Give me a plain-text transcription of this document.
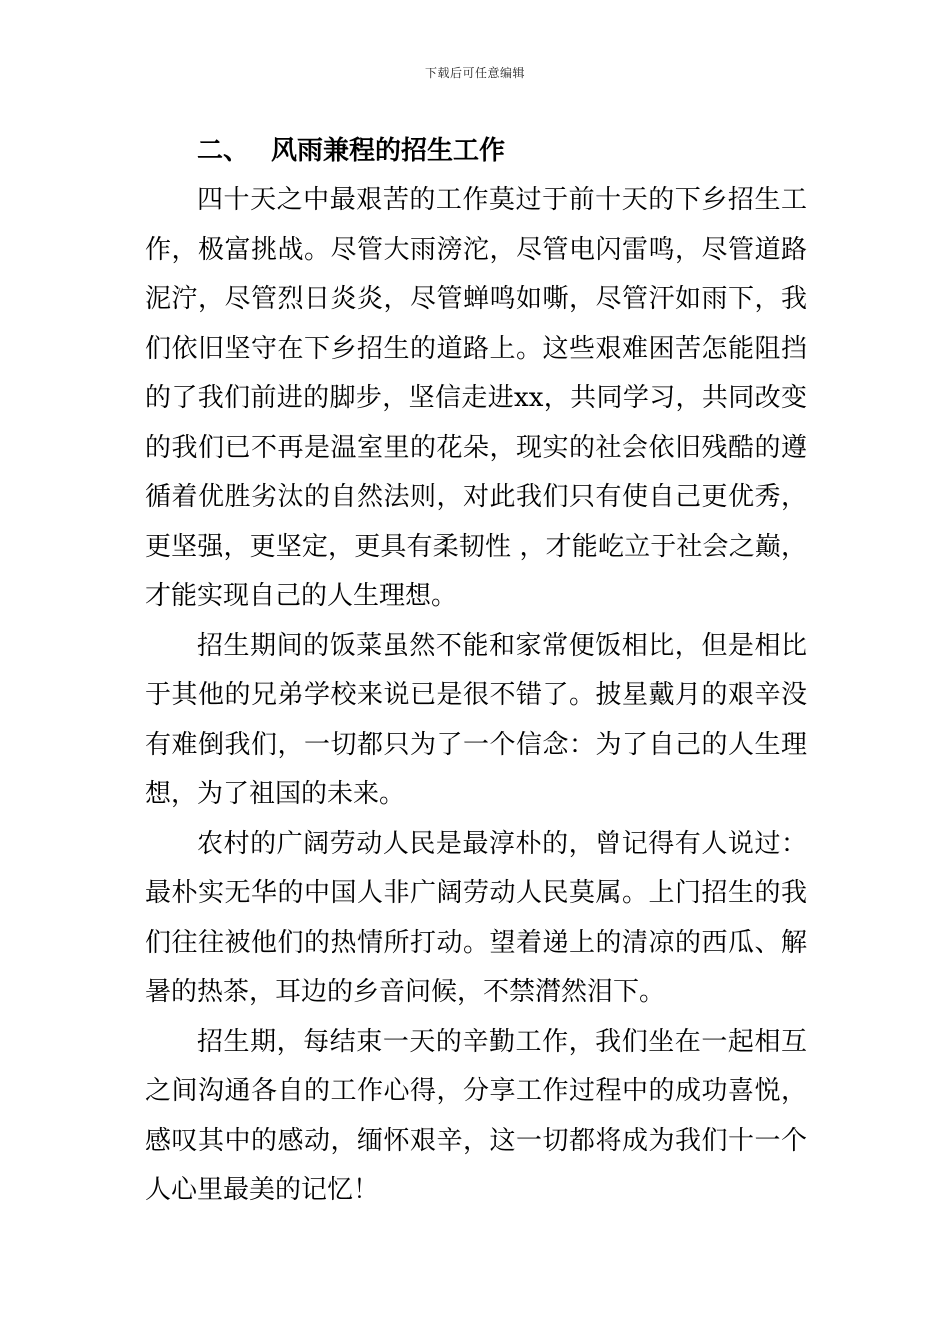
下载后可任意编辑
二、 风雨兼程的招生工作

四十天之中最艰苦的工作莫过于前十天的下乡招生工作，极富挑战。尽管大雨滂沱，尽管电闪雷鸣，尽管道路泥泞，尽管烈日炎炎，尽管蝉鸣如嘶，尽管汗如雨下，我们依旧坚守在下乡招生的道路上。这些艰难困苦怎能阻挡的了我们前进的脚步，坚信走进xx，共同学习，共同改变的我们已不再是温室里的花朵，现实的社会依旧残酷的遵循着优胜劣汰的自然法则，对此我们只有使自己更优秀，更坚强，更坚定，更具有柔韧性 ，才能屹立于社会之巅，才能实现自己的人生理想。

招生期间的饭菜虽然不能和家常便饭相比，但是相比于其他的兄弟学校来说已是很不错了。披星戴月的艰辛没有难倒我们，一切都只为了一个信念：为了自己的人生理想，为了祖国的未来。

农村的广阔劳动人民是最淳朴的，曾记得有人说过：最朴实无华的中国人非广阔劳动人民莫属。上门招生的我们往往被他们的热情所打动。望着递上的清凉的西瓜、解暑的热茶，耳边的乡音问候，不禁潸然泪下。

招生期，每结束一天的辛勤工作，我们坐在一起相互之间沟通各自的工作心得，分享工作过程中的成功喜悦，感叹其中的感动，缅怀艰辛，这一切都将成为我们十一个人心里最美的记忆！
